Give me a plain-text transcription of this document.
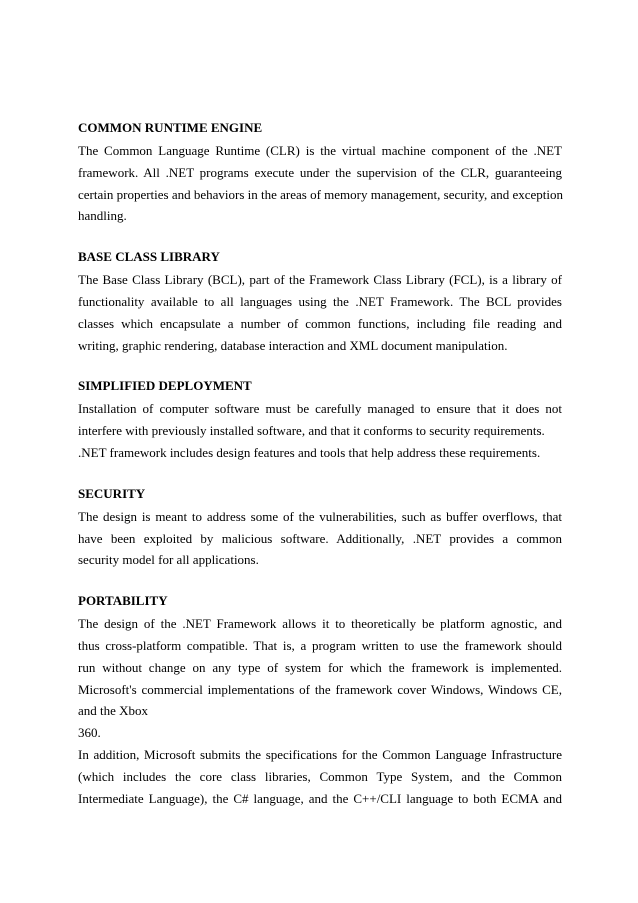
COMMON RUNTIME ENGINE
The Common Language Runtime (CLR) is the virtual machine component of the .NET
framework. All .NET programs execute under the supervision of the CLR, guaranteeing
certain properties and behaviors in the areas of memory management, security, and exception
handling.
BASE CLASS LIBRARY
The Base Class Library (BCL), part of the Framework Class Library (FCL), is a library of
functionality available to all languages using the .NET Framework. The BCL provides
classes which encapsulate a number of common functions, including file reading and
writing, graphic rendering, database interaction and XML document manipulation.
SIMPLIFIED DEPLOYMENT
Installation of computer software must be carefully managed to ensure that it does not
interfere with previously installed software, and that it conforms to security requirements.
.NET framework includes design features and tools that help address these requirements.
SECURITY
The design is meant to address some of the vulnerabilities, such as buffer overflows, that
have been exploited by malicious software. Additionally, .NET provides a common
security model for all applications.
PORTABILITY
The design of the .NET Framework allows it to theoretically be platform agnostic, and
thus cross-platform compatible. That is, a program written to use the framework should
run without change on any type of system for which the framework is implemented.
Microsoft's commercial implementations of the framework cover Windows, Windows CE,
and the Xbox
360.
In addition, Microsoft submits the specifications for the Common Language Infrastructure
(which includes the core class libraries, Common Type System, and the Common
Intermediate Language), the C# language, and the C++/CLI language to both ECMA and
